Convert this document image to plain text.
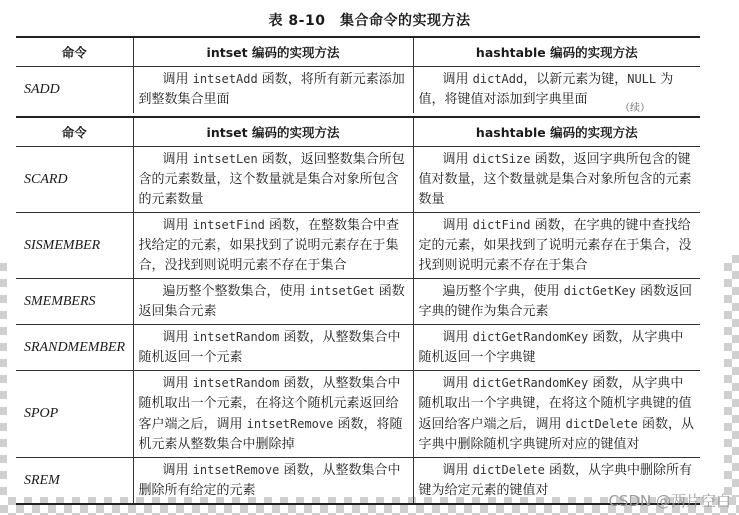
表 8-10　集合命令的实现方法
命令	intset 编码的实现方法	hashtable 编码的实现方法
SADD	调用 intsetAdd 函数，将所有新元素添加到整数集合里面	调用 dictAdd，以新元素为键，NULL 为值，将键值对添加到字典里面
（续）
命令	intset 编码的实现方法	hashtable 编码的实现方法
SCARD	调用 intsetLen 函数，返回整数集合所包含的元素数量，这个数量就是集合对象所包含的元素数量	调用 dictSize 函数，返回字典所包含的键值对数量，这个数量就是集合对象所包含的元素数量
SISMEMBER	调用 intsetFind 函数，在整数集合中查找给定的元素，如果找到了说明元素存在于集合，没找到则说明元素不存在于集合	调用 dictFind 函数，在字典的键中查找给定的元素，如果找到了说明元素存在于集合，没找到则说明元素不存在于集合
SMEMBERS	遍历整个整数集合，使用 intsetGet 函数返回集合元素	遍历整个字典，使用 dictGetKey 函数返回字典的键作为集合元素
SRANDMEMBER	调用 intsetRandom 函数，从整数集合中随机返回一个元素	调用 dictGetRandomKey 函数，从字典中随机返回一个字典键
SPOP	调用 intsetRandom 函数，从整数集合中随机取出一个元素，在将这个随机元素返回给客户端之后，调用 intsetRemove 函数，将随机元素从整数集合中删除掉	调用 dictGetRandomKey 函数，从字典中随机取出一个字典键，在将这个随机字典键的值返回给客户端之后，调用 dictDelete 函数，从字典中删除随机字典键所对应的键值对
SREM	调用 intsetRemove 函数，从整数集合中删除所有给定的元素	调用 dictDelete 函数，从字典中删除所有键为给定元素的键值对
CSDN @两片空白
